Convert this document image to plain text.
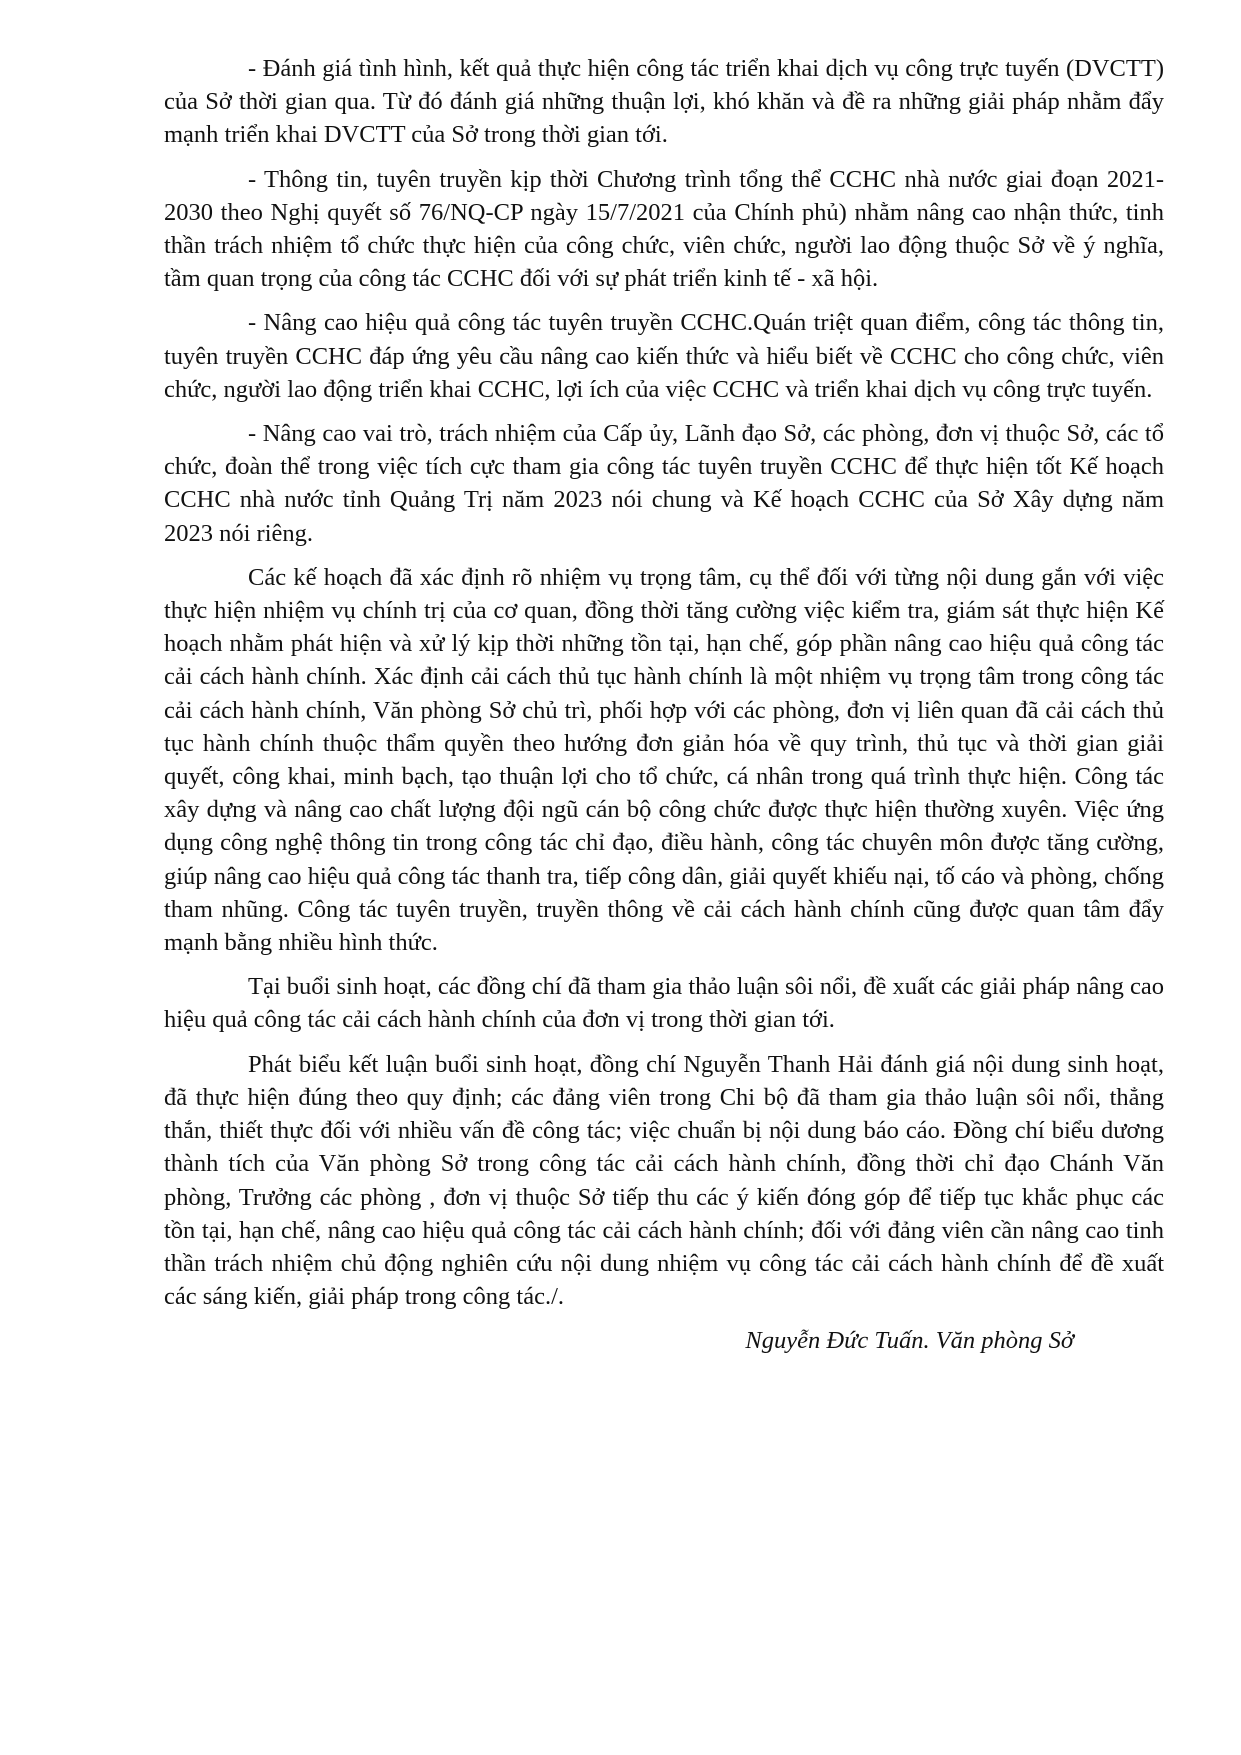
- Đánh giá tình hình, kết quả thực hiện công tác triển khai dịch vụ công trực tuyến (DVCTT) của Sở thời gian qua. Từ đó đánh giá những thuận lợi, khó khăn và đề ra những giải pháp nhằm đẩy mạnh triển khai DVCTT của Sở trong thời gian tới.

- Thông tin, tuyên truyền kịp thời Chương trình tổng thể CCHC nhà nước giai đoạn 2021-2030 theo Nghị quyết số 76/NQ-CP ngày 15/7/2021 của Chính phủ) nhằm nâng cao nhận thức, tinh thần trách nhiệm tổ chức thực hiện của công chức, viên chức, người lao động thuộc Sở về ý nghĩa, tầm quan trọng của công tác CCHC đối với sự phát triển kinh tế - xã hội.

- Nâng cao hiệu quả công tác tuyên truyền CCHC.Quán triệt quan điểm, công tác thông tin, tuyên truyền CCHC đáp ứng yêu cầu nâng cao kiến thức và hiểu biết về CCHC cho công chức, viên chức, người lao động triển khai CCHC, lợi ích của việc CCHC và triển khai dịch vụ công trực tuyến.

- Nâng cao vai trò, trách nhiệm của Cấp ủy, Lãnh đạo Sở, các phòng, đơn vị thuộc Sở, các tổ chức, đoàn thể trong việc tích cực tham gia công tác tuyên truyền CCHC để thực hiện tốt Kế hoạch CCHC nhà nước tỉnh Quảng Trị năm 2023 nói chung và Kế hoạch CCHC của Sở Xây dựng năm 2023 nói riêng.

Các kế hoạch đã xác định rõ nhiệm vụ trọng tâm, cụ thể đối với từng nội dung gắn với việc thực hiện nhiệm vụ chính trị của cơ quan, đồng thời tăng cường việc kiểm tra, giám sát thực hiện Kế hoạch nhằm phát hiện và xử lý kịp thời những tồn tại, hạn chế, góp phần nâng cao hiệu quả công tác cải cách hành chính. Xác định cải cách thủ tục hành chính là một nhiệm vụ trọng tâm trong công tác cải cách hành chính, Văn phòng Sở chủ trì, phối hợp với các phòng, đơn vị liên quan đã cải cách thủ tục hành chính thuộc thẩm quyền theo hướng đơn giản hóa về quy trình, thủ tục và thời gian giải quyết, công khai, minh bạch, tạo thuận lợi cho tổ chức, cá nhân trong quá trình thực hiện. Công tác xây dựng và nâng cao chất lượng đội ngũ cán bộ công chức được thực hiện thường xuyên. Việc ứng dụng công nghệ thông tin trong công tác chỉ đạo, điều hành, công tác chuyên môn được tăng cường, giúp nâng cao hiệu quả công tác thanh tra, tiếp công dân, giải quyết khiếu nại, tố cáo và phòng, chống tham nhũng. Công tác tuyên truyền, truyền thông về cải cách hành chính cũng được quan tâm đẩy mạnh bằng nhiều hình thức.

Tại buổi sinh hoạt, các đồng chí đã tham gia thảo luận sôi nổi, đề xuất các giải pháp nâng cao hiệu quả công tác cải cách hành chính của đơn vị trong thời gian tới.

Phát biểu kết luận buổi sinh hoạt, đồng chí Nguyễn Thanh Hải đánh giá nội dung sinh hoạt, đã thực hiện đúng theo quy định; các đảng viên trong Chi bộ đã tham gia thảo luận sôi nổi, thẳng thắn, thiết thực đối với nhiều vấn đề công tác; việc chuẩn bị nội dung báo cáo. Đồng chí biểu dương thành tích của Văn phòng Sở trong công tác cải cách hành chính, đồng thời chỉ đạo Chánh Văn phòng, Trưởng các phòng , đơn vị thuộc Sở tiếp thu các ý kiến đóng góp để tiếp tục khắc phục các tồn tại, hạn chế, nâng cao hiệu quả công tác cải cách hành chính; đối với đảng viên cần nâng cao tinh thần trách nhiệm chủ động nghiên cứu nội dung nhiệm vụ công tác cải cách hành chính để đề xuất các sáng kiến, giải pháp trong công tác./.

Nguyễn Đức Tuấn. Văn phòng Sở
